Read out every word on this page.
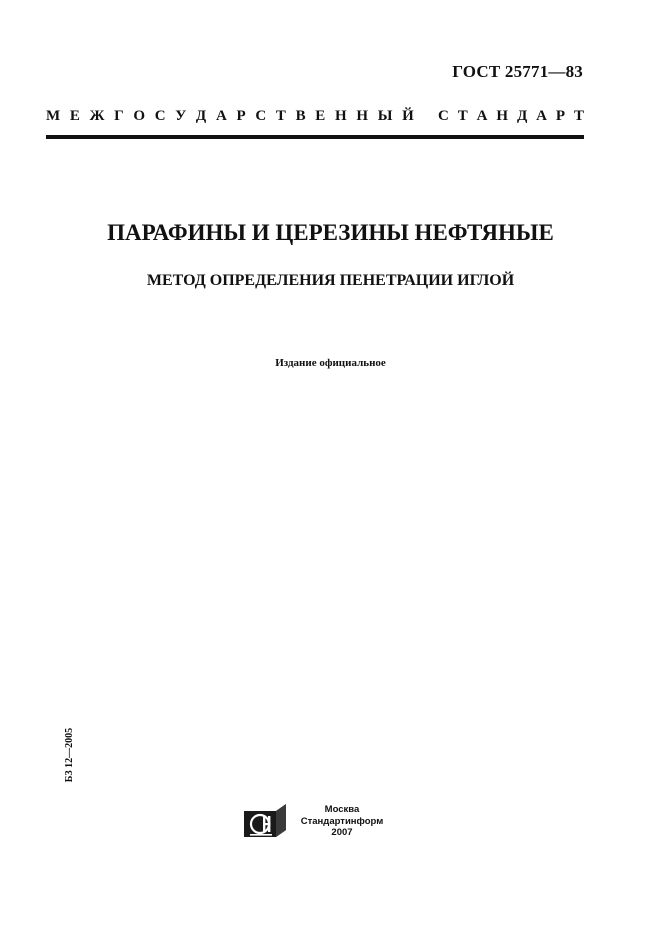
ГОСТ 25771—83
М Е Ж Г О С У Д А Р С Т В Е Н Н Ы Й С Т А Н Д А Р Т
ПАРАФИНЫ И ЦЕРЕЗИНЫ НЕФТЯНЫЕ
МЕТОД ОПРЕДЕЛЕНИЯ ПЕНЕТРАЦИИ ИГЛОЙ
Издание официальное
БЗ 12—2005
Москва
Стандартинформ
2007
